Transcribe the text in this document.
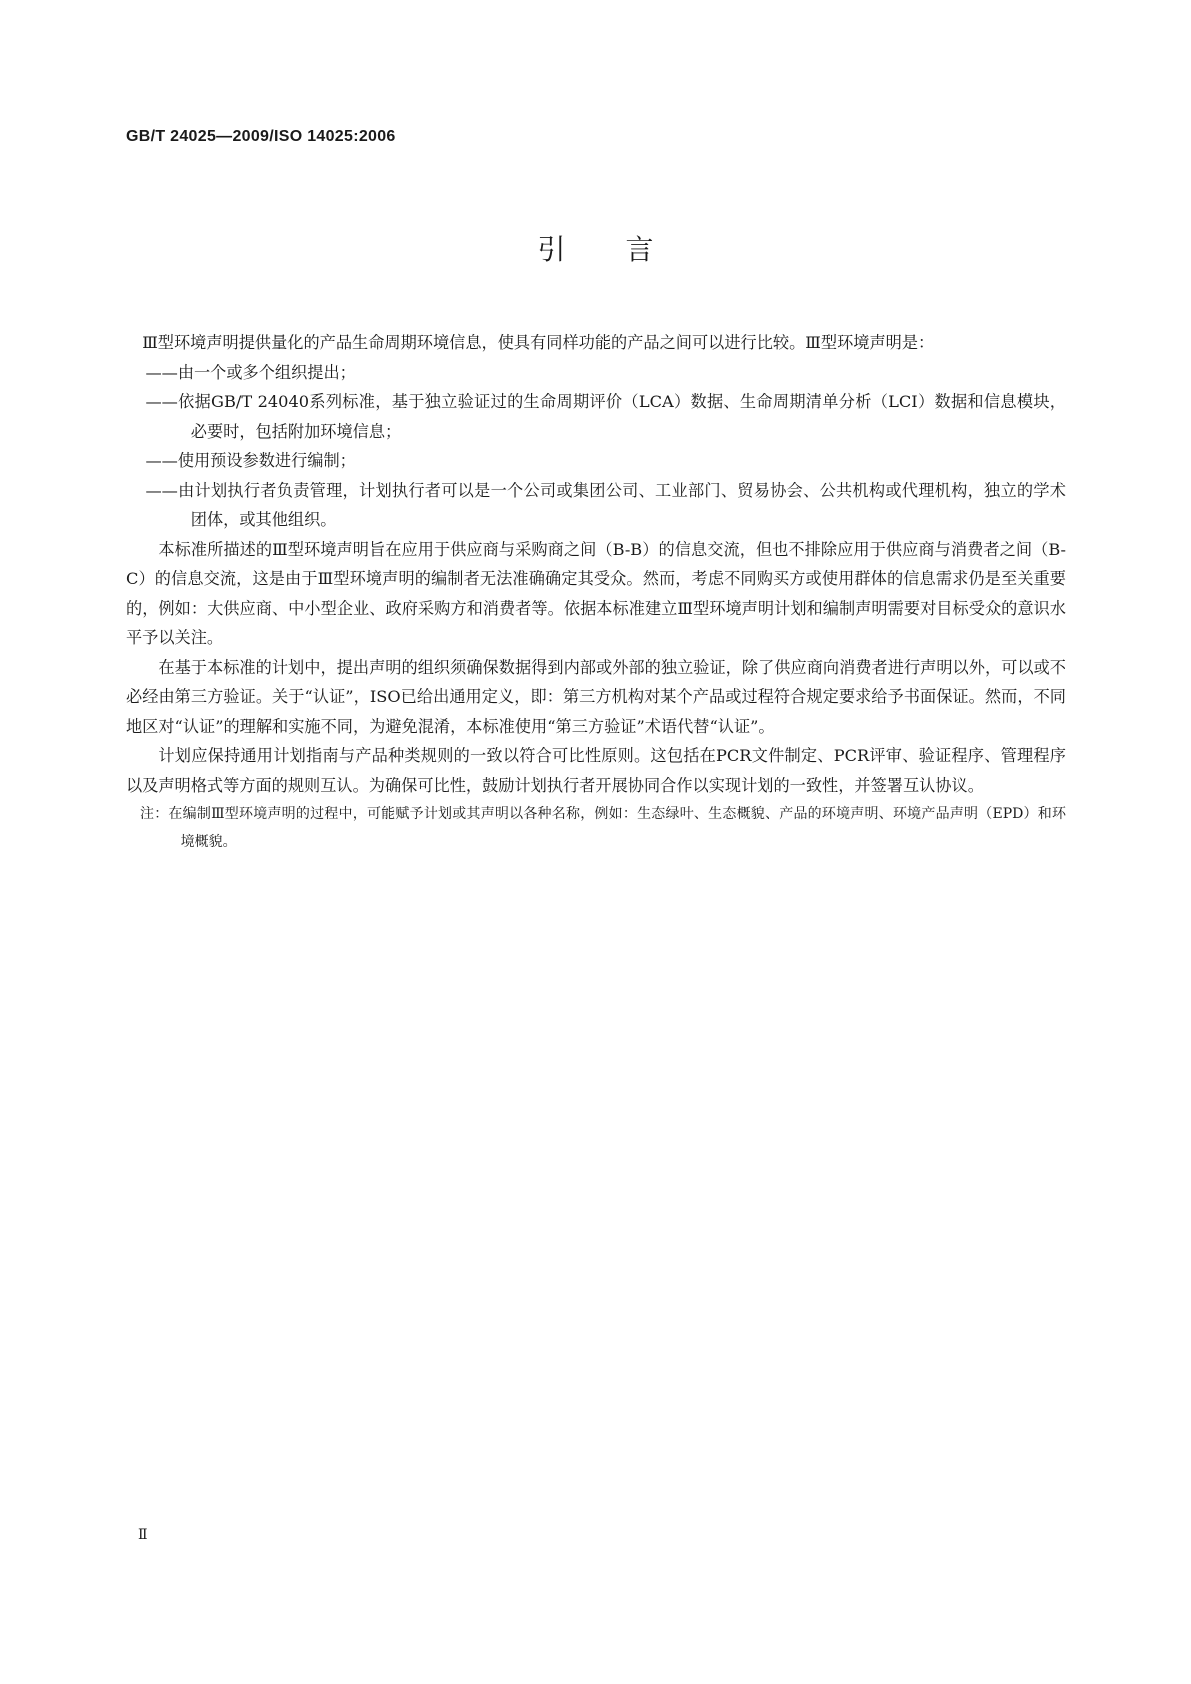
GB/T 24025—2009/ISO 14025:2006
引言

Ⅲ型环境声明提供量化的产品生命周期环境信息，使具有同样功能的产品之间可以进行比较。Ⅲ型环境声明是：

——由一个或多个组织提出；

——依据GB/T 24040系列标准，基于独立验证过的生命周期评价（LCA）数据、生命周期清单分析（LCI）数据和信息模块，必要时，包括附加环境信息；

——使用预设参数进行编制；

——由计划执行者负责管理，计划执行者可以是一个公司或集团公司、工业部门、贸易协会、公共机构或代理机构，独立的学术团体，或其他组织。

本标准所描述的Ⅲ型环境声明旨在应用于供应商与采购商之间（B-B）的信息交流，但也不排除应用于供应商与消费者之间（B-C）的信息交流，这是由于Ⅲ型环境声明的编制者无法准确确定其受众。然而，考虑不同购买方或使用群体的信息需求仍是至关重要的，例如：大供应商、中小型企业、政府采购方和消费者等。依据本标准建立Ⅲ型环境声明计划和编制声明需要对目标受众的意识水平予以关注。

在基于本标准的计划中，提出声明的组织须确保数据得到内部或外部的独立验证，除了供应商向消费者进行声明以外，可以或不必经由第三方验证。关于“认证”，ISO已给出通用定义，即：第三方机构对某个产品或过程符合规定要求给予书面保证。然而，不同地区对“认证”的理解和实施不同，为避免混淆，本标准使用“第三方验证”术语代替“认证”。

计划应保持通用计划指南与产品种类规则的一致以符合可比性原则。这包括在PCR文件制定、PCR评审、验证程序、管理程序以及声明格式等方面的规则互认。为确保可比性，鼓励计划执行者开展协同合作以实现计划的一致性，并签署互认协议。

注：在编制Ⅲ型环境声明的过程中，可能赋予计划或其声明以各种名称，例如：生态绿叶、生态概貌、产品的环境声明、环境产品声明（EPD）和环境概貌。

Ⅱ
